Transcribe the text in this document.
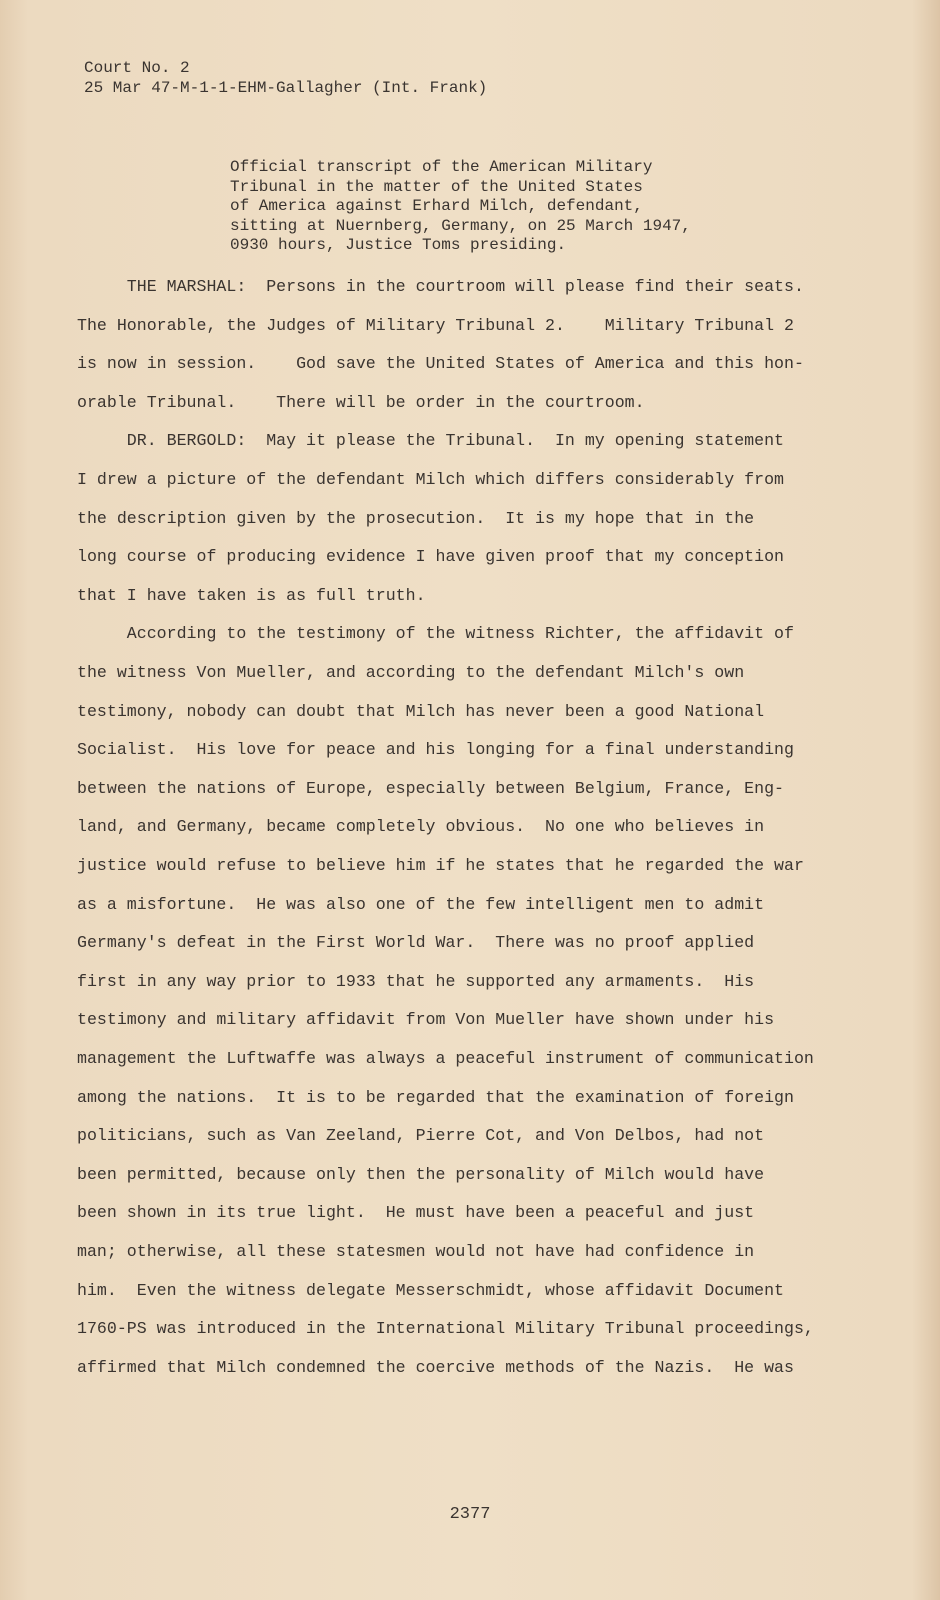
Court No. 2
25 Mar 47-M-1-1-EHM-Gallagher (Int. Frank)
Official transcript of the American Military
Tribunal in the matter of the United States
of America against Erhard Milch, defendant,
sitting at Nuernberg, Germany, on 25 March 1947,
0930 hours, Justice Toms presiding.
THE MARSHAL:  Persons in the courtroom will please find their seats.
The Honorable, the Judges of Military Tribunal 2.    Military Tribunal 2
is now in session.    God save the United States of America and this hon-
orable Tribunal.    There will be order in the courtroom.
DR. BERGOLD:  May it please the Tribunal.  In my opening statement
I drew a picture of the defendant Milch which differs considerably from
the description given by the prosecution.  It is my hope that in the
long course of producing evidence I have given proof that my conception
that I have taken is as full truth.
According to the testimony of the witness Richter, the affidavit of
the witness Von Mueller, and according to the defendant Milch's own
testimony, nobody can doubt that Milch has never been a good National
Socialist.  His love for peace and his longing for a final understanding
between the nations of Europe, especially between Belgium, France, Eng-
land, and Germany, became completely obvious.  No one who believes in
justice would refuse to believe him if he states that he regarded the war
as a misfortune.  He was also one of the few intelligent men to admit
Germany's defeat in the First World War.  There was no proof applied
first in any way prior to 1933 that he supported any armaments.  His
testimony and military affidavit from Von Mueller have shown under his
management the Luftwaffe was always a peaceful instrument of communication
among the nations.  It is to be regarded that the examination of foreign
politicians, such as Van Zeeland, Pierre Cot, and Von Delbos, had not
been permitted, because only then the personality of Milch would have
been shown in its true light.  He must have been a peaceful and just
man; otherwise, all these statesmen would not have had confidence in
him.  Even the witness delegate Messerschmidt, whose affidavit Document
1760-PS was introduced in the International Military Tribunal proceedings,
affirmed that Milch condemned the coercive methods of the Nazis.  He was
2377
